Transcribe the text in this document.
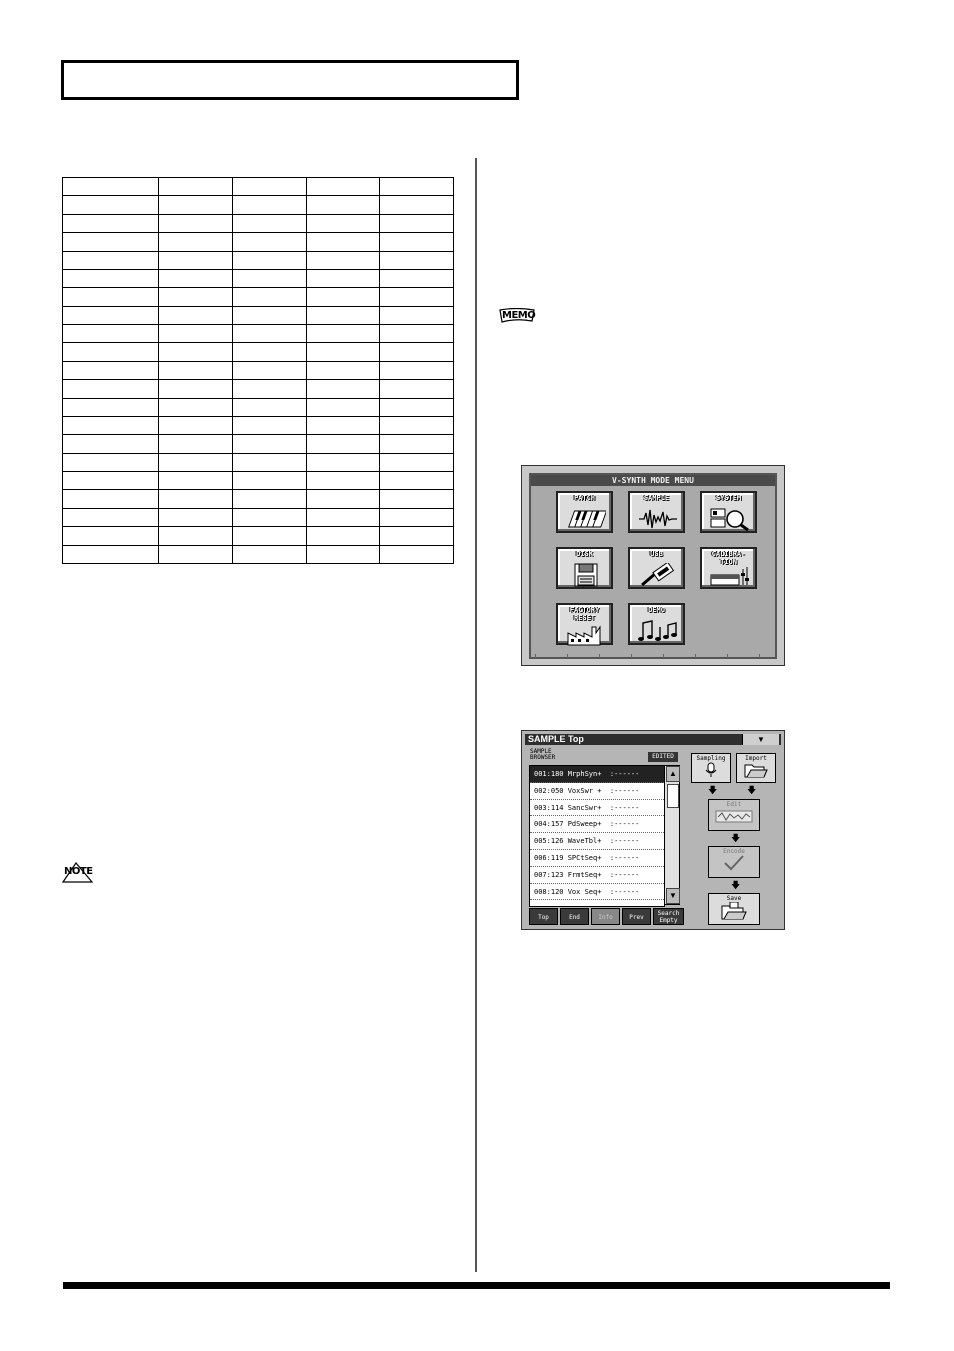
MEMO
NOTE
V-SYNTH MODE MENU
PATCH	SAMPLE	SYSTEM
DISK	USB	CALIBRA-
TION
FACTORY
RESET
DEMO
SAMPLE Top	▼
SAMPLE
BROWSER	EDITED
001:180 MrphSyn+  :------
002:050 VoxSwr +  :------
003:114 SancSwr+  :------
004:157 PdSweep+  :------
005:126 WaveTbl+  :------
006:119 SPCtSeq+  :------
007:123 FrmtSeq+  :------
008:120 Vox Seq+  :------
▲
▼
Top	End	Info	Prev
Search
Empty
Sampling	Import
🡇	🡇
Edit
🡇
Encode
🡇
Save
